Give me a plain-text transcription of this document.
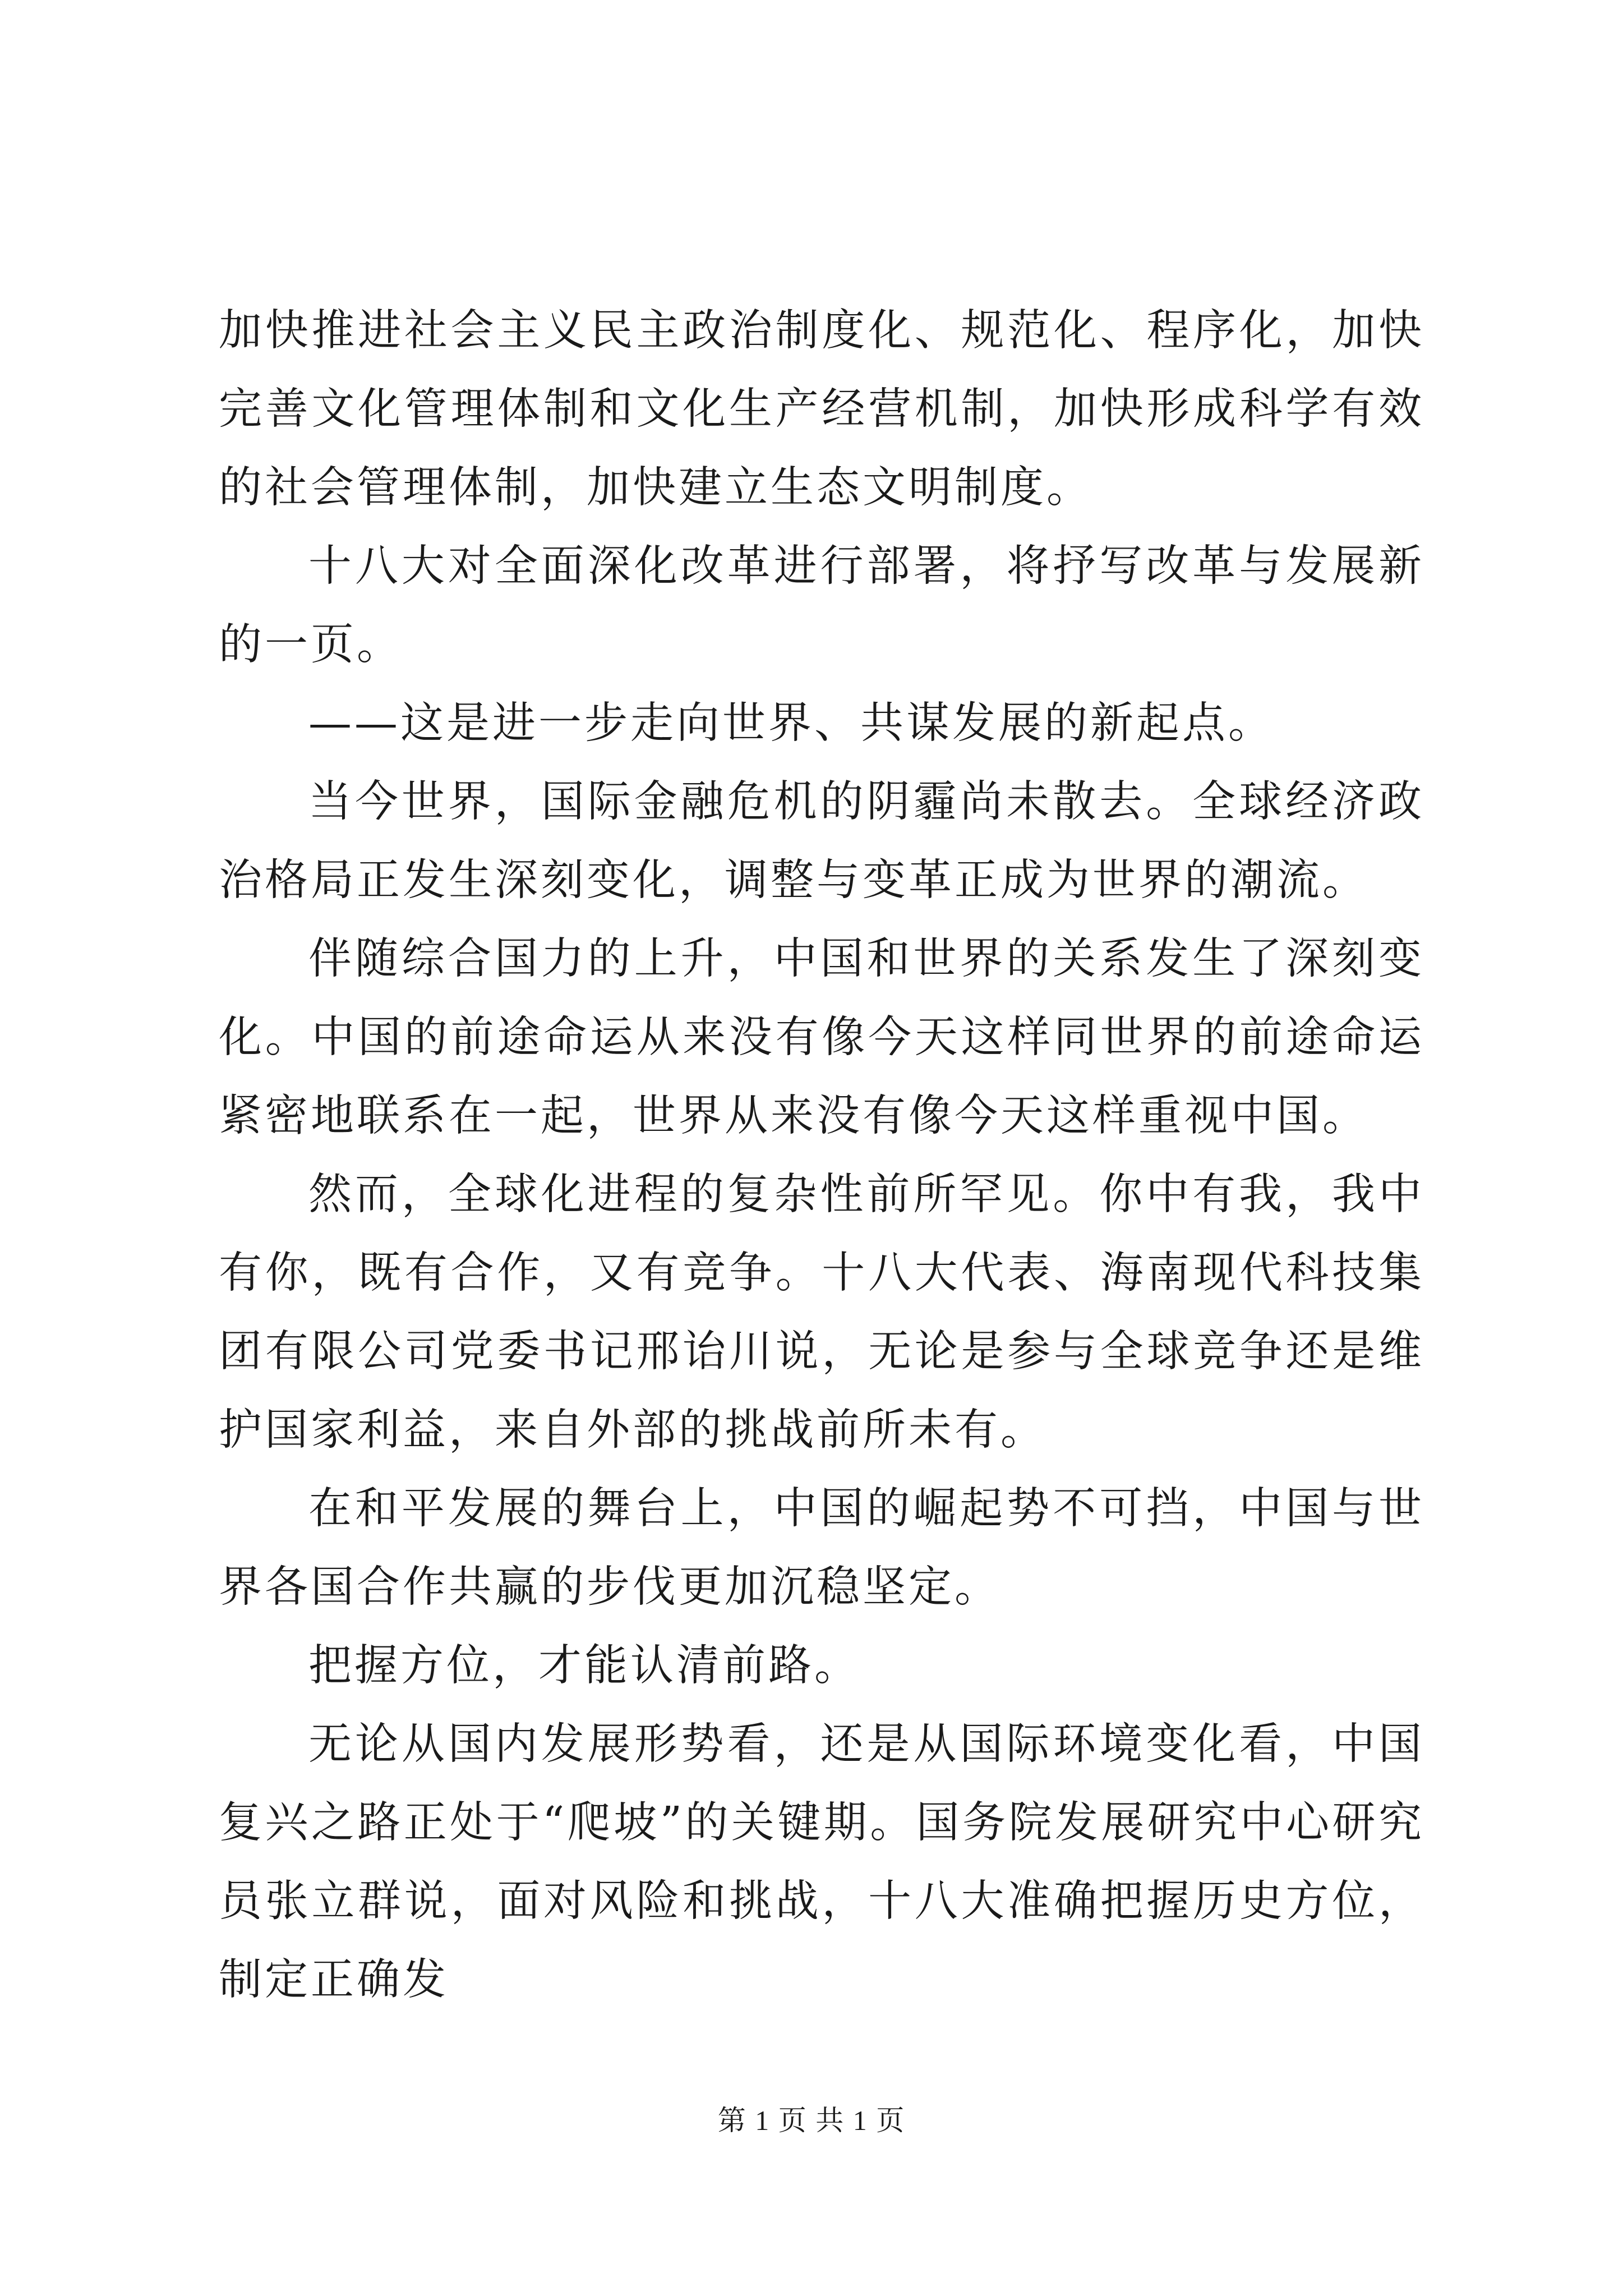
加快推进社会主义民主政治制度化、规范化、程序化，加快完善文化管理体制和文化生产经营机制，加快形成科学有效的社会管理体制，加快建立生态文明制度。

十八大对全面深化改革进行部署，将抒写改革与发展新的一页。

——这是进一步走向世界、共谋发展的新起点。

当今世界，国际金融危机的阴霾尚未散去。全球经济政治格局正发生深刻变化，调整与变革正成为世界的潮流。

伴随综合国力的上升，中国和世界的关系发生了深刻变化。中国的前途命运从来没有像今天这样同世界的前途命运紧密地联系在一起，世界从来没有像今天这样重视中国。

然而，全球化进程的复杂性前所罕见。你中有我，我中有你，既有合作，又有竞争。十八大代表、海南现代科技集团有限公司党委书记邢诒川说，无论是参与全球竞争还是维护国家利益，来自外部的挑战前所未有。

在和平发展的舞台上，中国的崛起势不可挡，中国与世界各国合作共赢的步伐更加沉稳坚定。

把握方位，才能认清前路。

无论从国内发展形势看，还是从国际环境变化看，中国复兴之路正处于“爬坡”的关键期。国务院发展研究中心研究员张立群说，面对风险和挑战，十八大准确把握历史方位，制定正确发

第 1 页 共 1 页
